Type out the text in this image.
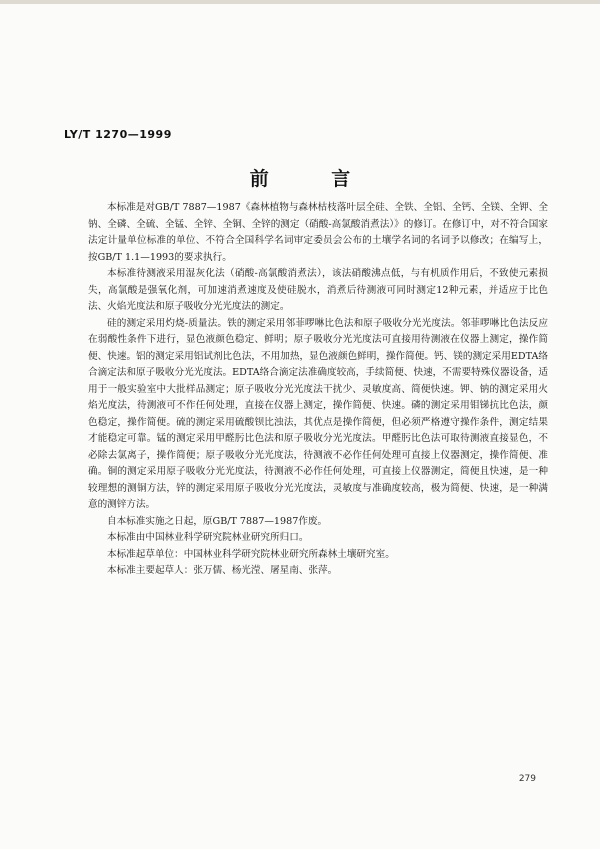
LY/T 1270—1999
前 言

本标准是对GB/T 7887—1987《森林植物与森林枯枝落叶层全硅、全铁、全铝、全钙、全镁、全钾、全钠、全磷、全硫、全锰、全锌、全铜、全锌的测定（硝酸-高氯酸消煮法）》的修订。在修订中，对不符合国家法定计量单位标准的单位、不符合全国科学名词审定委员会公布的土壤学名词的名词予以修改；在编写上，按GB/T 1.1—1993的要求执行。

本标准待测液采用湿灰化法（硝酸-高氯酸消煮法），该法硝酸沸点低，与有机质作用后，不致使元素损失，高氯酸是强氧化剂，可加速消煮速度及使硅脱水，消煮后待测液可同时测定12种元素，并适应于比色法、火焰光度法和原子吸收分光光度法的测定。

硅的测定采用灼烧-质量法。铁的测定采用邻菲啰啉比色法和原子吸收分光光度法。邻菲啰啉比色法反应在弱酸性条件下进行，显色液颜色稳定、鲜明；原子吸收分光光度法可直接用待测液在仪器上测定，操作简便、快速。铝的测定采用铝试剂比色法，不用加热，显色液颜色鲜明，操作简便。钙、镁的测定采用EDTA络合滴定法和原子吸收分光光度法。EDTA络合滴定法准确度较高，手续简便、快速，不需要特殊仪器设备，适用于一般实验室中大批样品测定；原子吸收分光光度法干扰少、灵敏度高、简便快速。钾、钠的测定采用火焰光度法，待测液可不作任何处理，直接在仪器上测定，操作简便、快速。磷的测定采用钼锑抗比色法，颜色稳定，操作简便。硫的测定采用硫酸钡比浊法，其优点是操作简便，但必须严格遵守操作条件，测定结果才能稳定可靠。锰的测定采用甲醛肟比色法和原子吸收分光光度法。甲醛肟比色法可取待测液直接显色，不必除去氯离子，操作简便；原子吸收分光光度法，待测液不必作任何处理可直接上仪器测定，操作简便、准确。铜的测定采用原子吸收分光光度法，待测液不必作任何处理，可直接上仪器测定，简便且快速，是一种较理想的测铜方法，锌的测定采用原子吸收分光光度法，灵敏度与准确度较高，极为简便、快速，是一种满意的测锌方法。

自本标准实施之日起，原GB/T 7887—1987作废。

本标准由中国林业科学研究院林业研究所归口。

本标准起草单位：中国林业科学研究院林业研究所森林土壤研究室。

本标准主要起草人：张万儒、杨光滢、屠星南、张萍。

279
